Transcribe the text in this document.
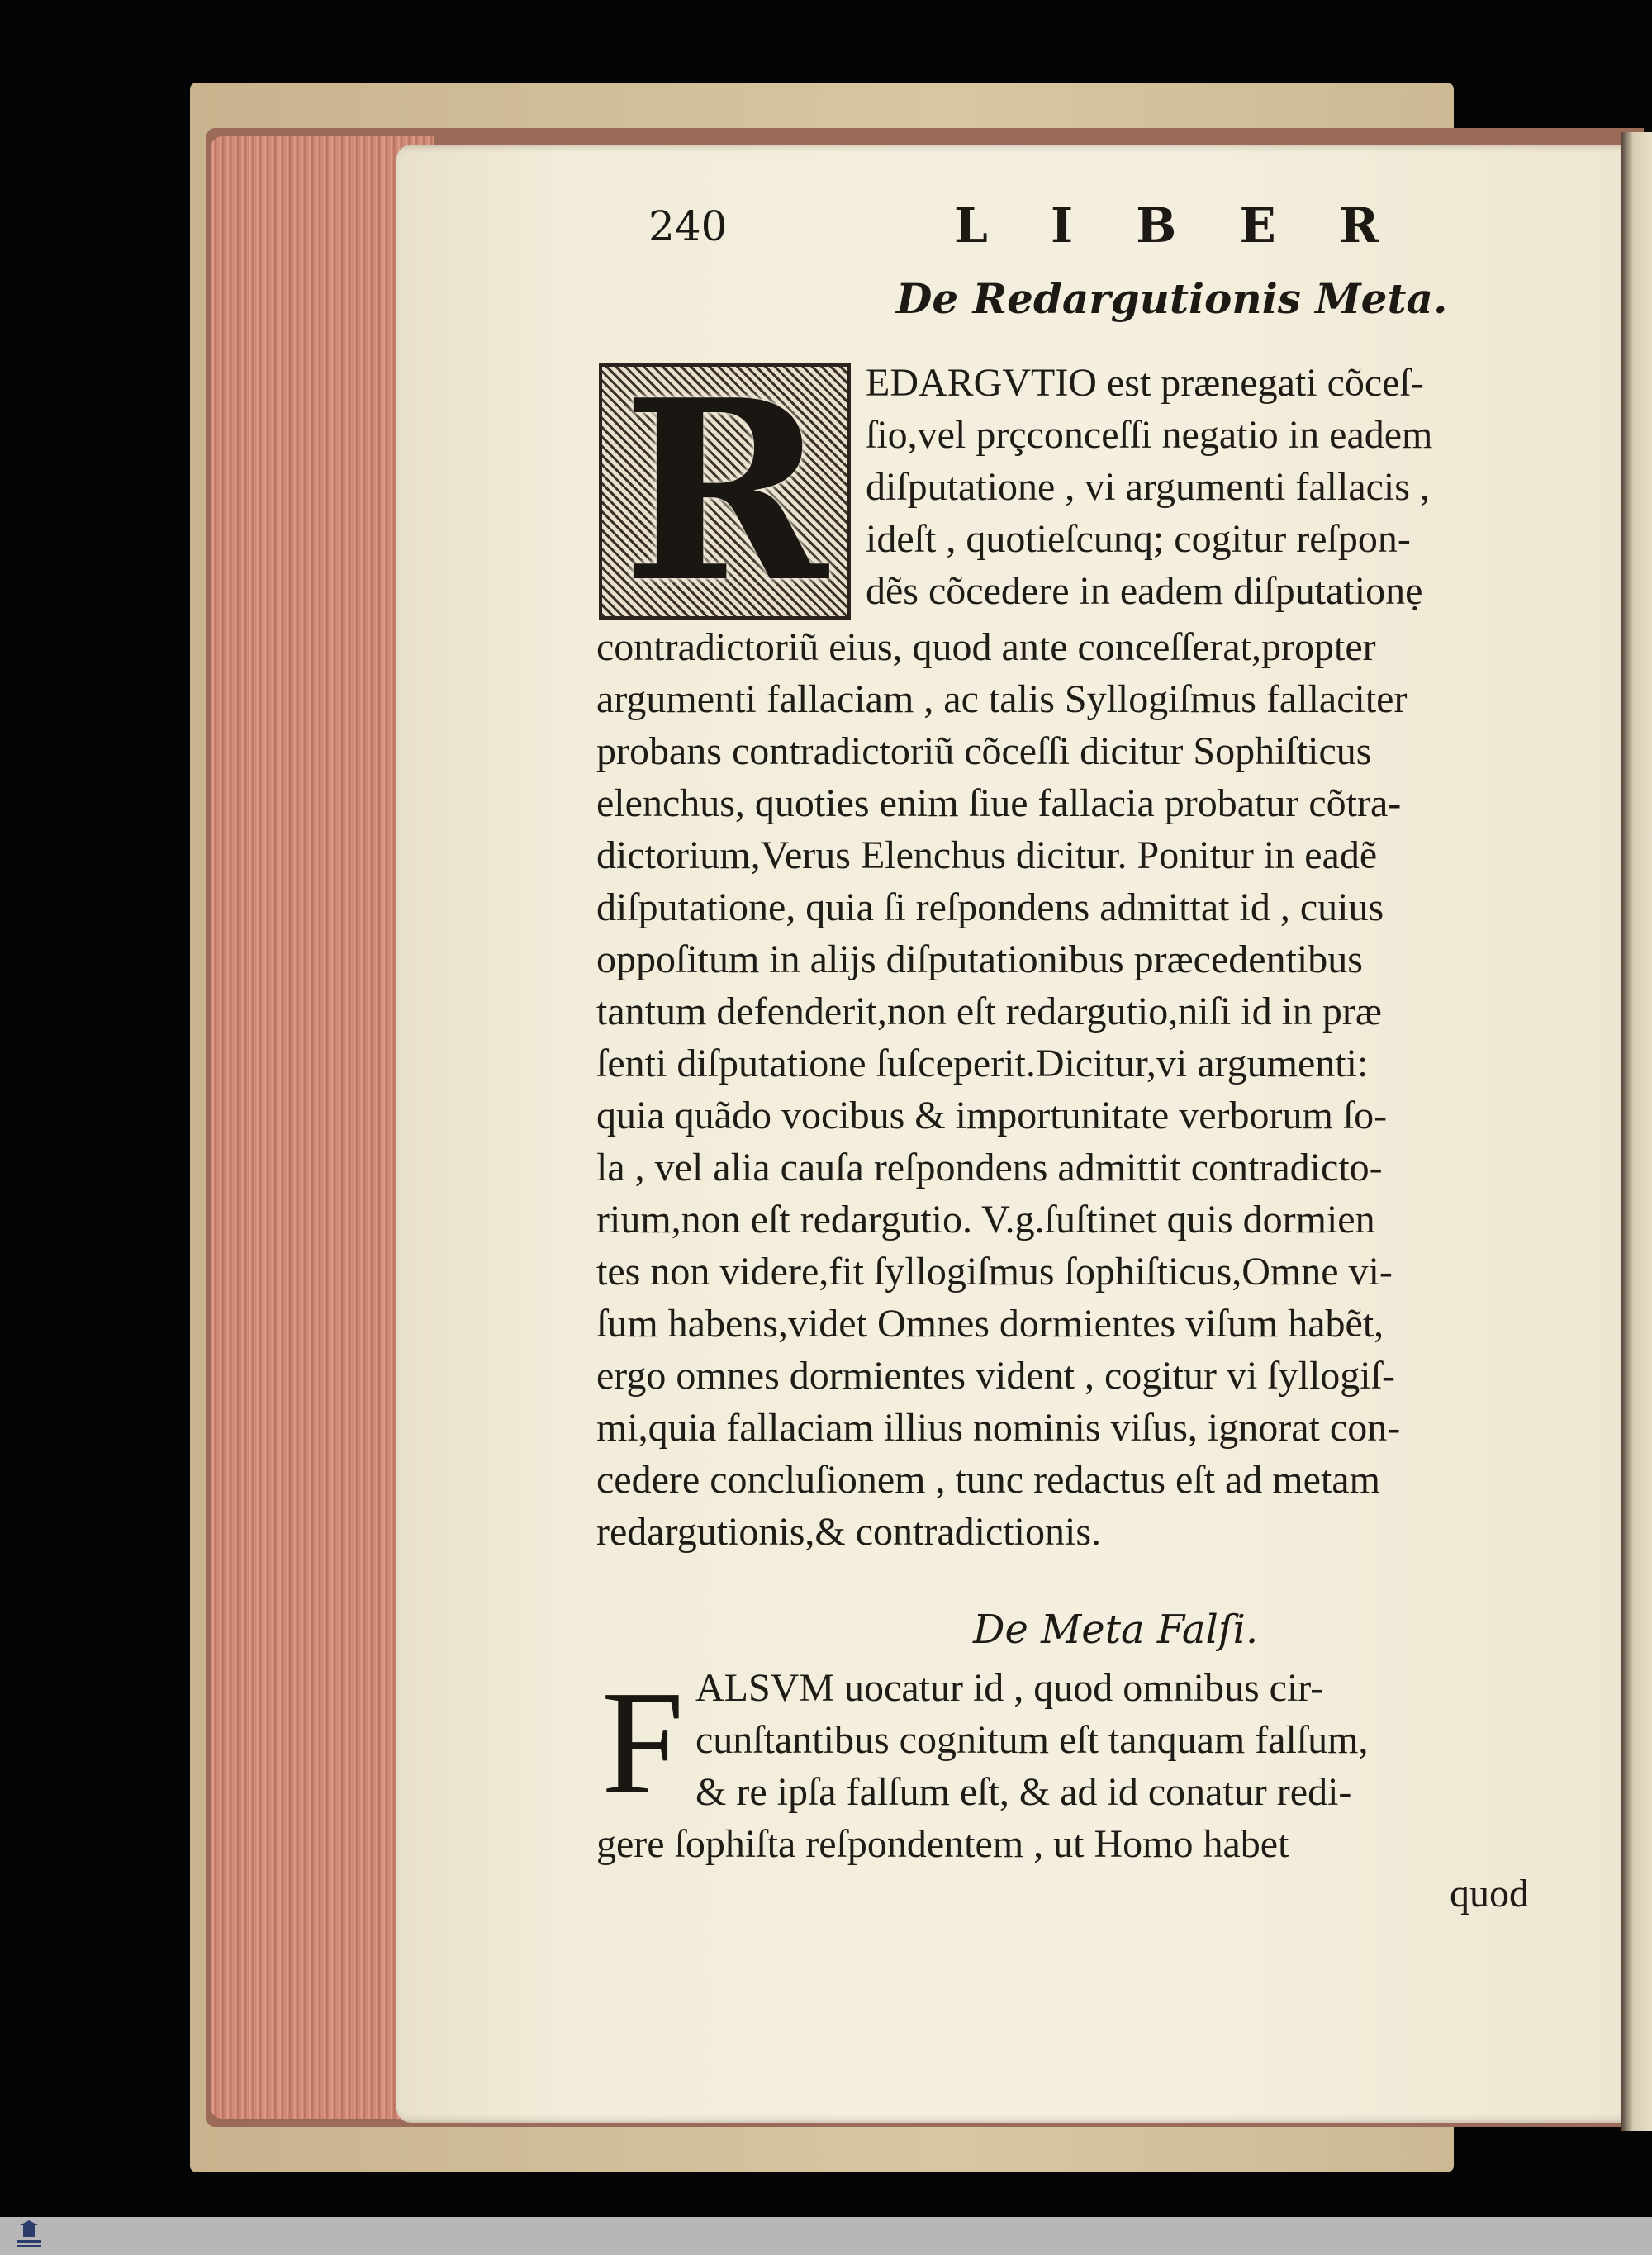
240	L I B E R
De Redargutionis Meta.
R EDARGVTIO est prænegati cõceſ-
ſio,vel prçconceſſi negatio in eadem
diſputatione , vi argumenti fallacis ,
ideſt , quotieſcunq; cogitur reſpon-
dẽs cõcedere in eadem diſputationẹ
contradictoriũ eius, quod ante conceſſerat,propter
argumenti fallaciam , ac talis Syllogiſmus fallaciter
probans contradictoriũ cõceſſi dicitur Sophiſticus
elenchus, quoties enim ſiue fallacia probatur cõtra-
dictorium,Verus Elenchus dicitur. Ponitur in eadẽ
diſputatione, quia ſi reſpondens admittat id , cuius
oppoſitum in alijs diſputationibus præcedentibus
tantum defenderit,non eſt redargutio,niſi id in præ
ſenti diſputatione ſuſceperit.Dicitur,vi argumenti:
quia quãdo vocibus & importunitate verborum ſo-
la , vel alia cauſa reſpondens admittit contradicto-
rium,non eſt redargutio. V.g.ſuſtinet quis dormien
tes non videre,fit ſyllogiſmus ſophiſticus,Omne vi-
ſum habens,videt Omnes dormientes viſum habẽt,
ergo omnes dormientes vident , cogitur vi ſyllogiſ-
mi,quia fallaciam illius nominis viſus, ignorat con-
cedere concluſionem , tunc redactus eſt ad metam
redargutionis,& contradictionis.
De Meta Falſi.
F ALSVM uocatur id , quod omnibus cir-
cunſtantibus cognitum eſt tanquam falſum,
& re ipſa falſum eſt, & ad id conatur redi-
gere ſophiſta reſpondentem , ut Homo habet
quod
